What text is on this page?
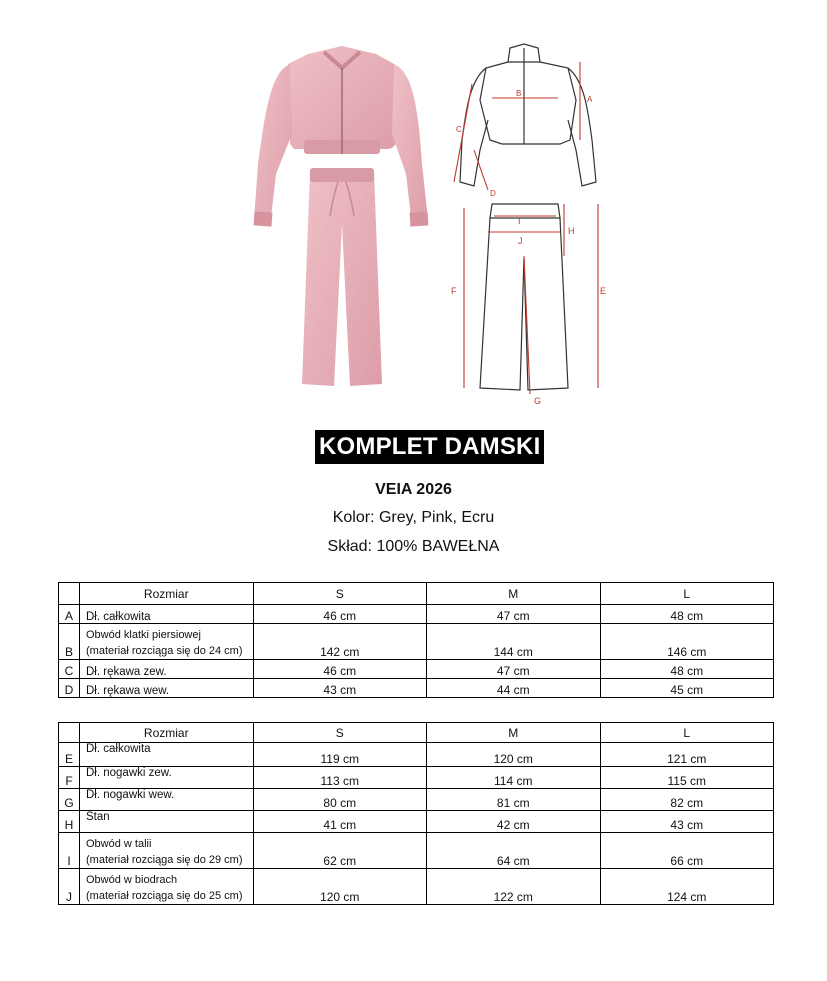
A
B
C
D
E
F
G
H
I
J
KOMPLET DAMSKI
VEIA 2026
Kolor: Grey, Pink, Ecru
Skład: 100% BAWEŁNA
	Rozmiar	S	M	L
A	Dł. całkowita	46 cm	47 cm	48 cm
B	Obwód klatki piersiowej
(materiał rozciąga się do 24 cm)	142 cm	144 cm	146 cm
C	Dł. rękawa zew.	46 cm	47 cm	48 cm
D	Dł. rękawa wew.	43 cm	44 cm	45 cm
	Rozmiar	S	M	L
E	Dł. całkowita	119 cm	120 cm	121 cm
F	Dł. nogawki zew.	113 cm	114 cm	115 cm
G	Dł. nogawki wew.	80 cm	81 cm	82 cm
H	Stan	41 cm	42 cm	43 cm
I	Obwód w talii
(materiał rozciąga się do 29 cm)	62 cm	64 cm	66 cm
J	Obwód w biodrach
(materiał rozciąga się do 25 cm)	120 cm	122 cm	124 cm
